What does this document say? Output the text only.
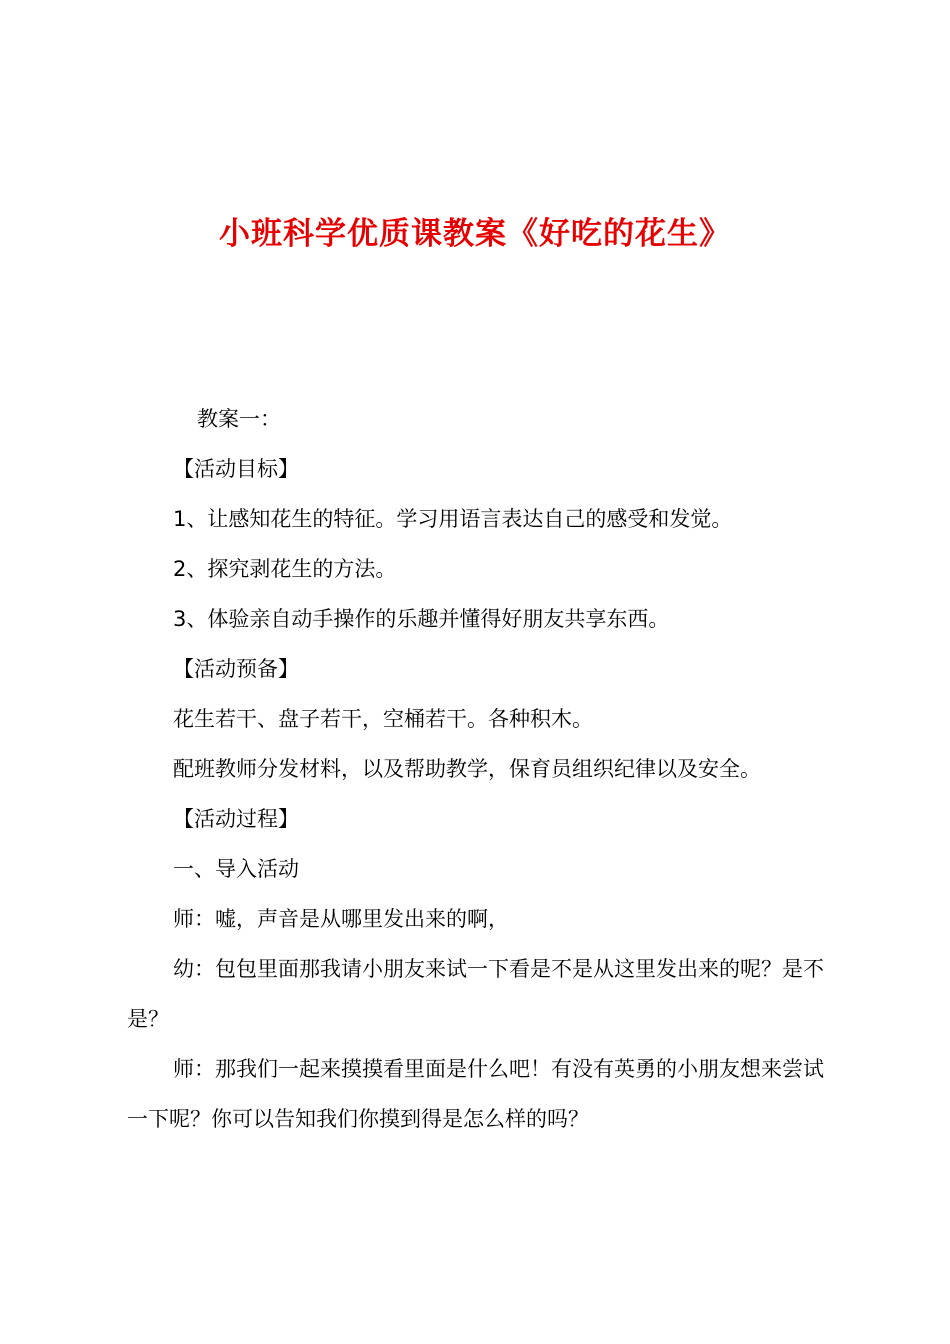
小班科学优质课教案《好吃的花生》

教案一：

【活动目标】

1、让感知花生的特征。学习用语言表达自己的感受和发觉。

2、探究剥花生的方法。

3、体验亲自动手操作的乐趣并懂得好朋友共享东西。

【活动预备】

花生若干、盘子若干，空桶若干。各种积木。

配班教师分发材料，以及帮助教学，保育员组织纪律以及安全。

【活动过程】

一、导入活动

师：嘘，声音是从哪里发出来的啊，

幼：包包里面那我请小朋友来试一下看是不是从这里发出来的呢？是不是？

师：那我们一起来摸摸看里面是什么吧！有没有英勇的小朋友想来尝试一下呢？你可以告知我们你摸到得是怎么样的吗？
